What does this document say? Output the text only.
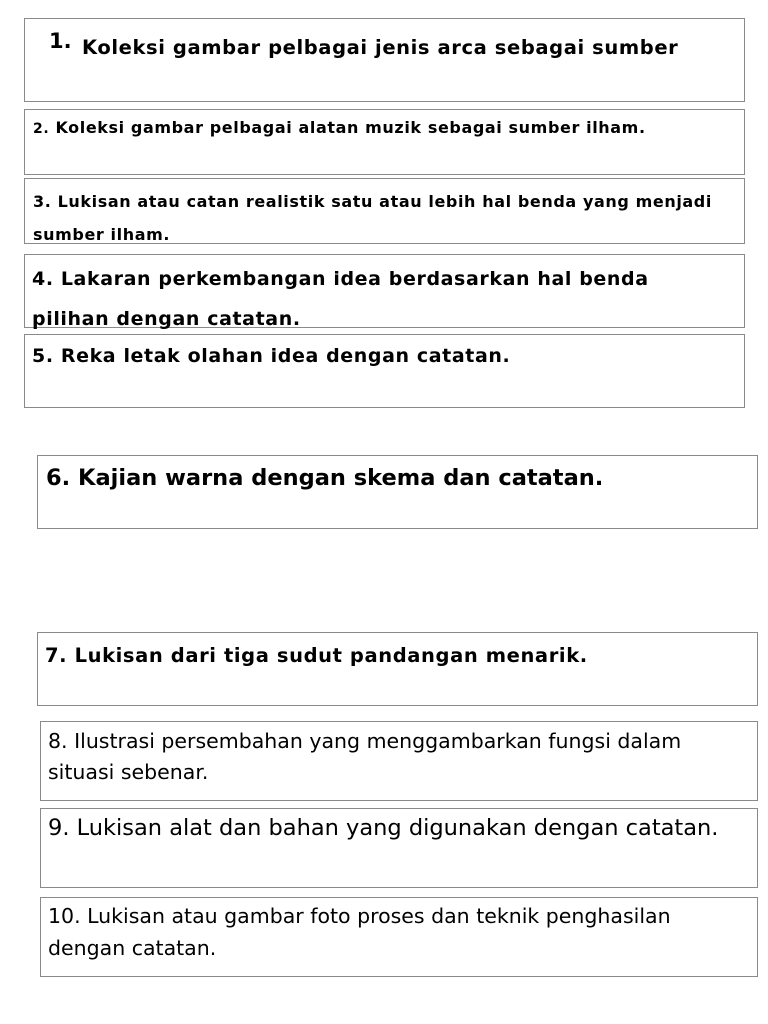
1. Koleksi gambar pelbagai jenis arca sebagai sumber
2. Koleksi gambar pelbagai alatan muzik sebagai sumber ilham.
3. Lukisan atau catan realistik satu atau lebih hal benda yang menjadi sumber ilham.
4. Lakaran perkembangan idea berdasarkan hal benda pilihan dengan catatan.
5. Reka letak olahan idea dengan catatan.
6. Kajian warna dengan skema dan catatan.
7. Lukisan dari tiga sudut pandangan menarik.
8. Ilustrasi persembahan yang menggambarkan fungsi dalam situasi sebenar.
9. Lukisan alat dan bahan yang digunakan dengan catatan.
10. Lukisan atau gambar foto proses dan teknik penghasilan dengan catatan.
